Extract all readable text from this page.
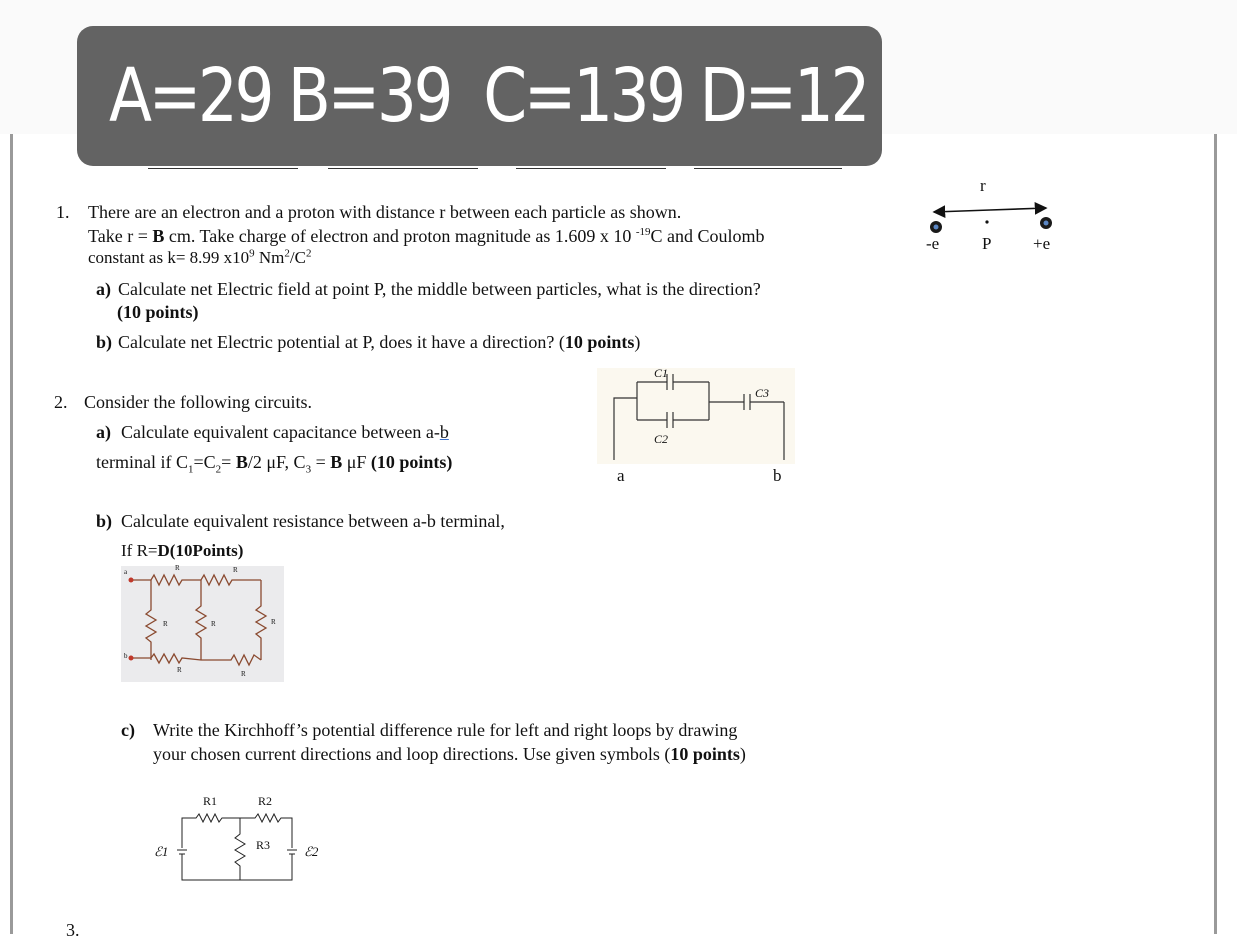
A=29 B=39  C=139 D=12
1. There are an electron and a proton with distance r between each particle as shown.
Take r = B cm. Take charge of electron and proton magnitude as 1.609 x 10 $^{-19}$C and Coulomb
constant as k= 8.99 $x10^9$ $Nm^2/C^2$
a) Calculate net Electric field at point P, the middle between particles, what is the direction?
(10 points)
b) Calculate net Electric potential at P, does it have a direction? (10 points)
r
-e	P +e
2. Consider the following circuits.
a) Calculate equivalent capacitance between a-b
terminal if $C_1=C_2= B/2$ μF, $C_3 = B$ μF (10 points)
C1
C2
C3
a	b
b) Calculate equivalent resistance between a-b terminal,
If R=D(10Points)
R	R
R	R	R
R	R
a
b
c) Write the Kirchhoff’s potential difference rule for left and right loops by drawing
your chosen current directions and loop directions. Use given symbols (10 points)
R1	R2
R3
ℰ1	ℰ2
3.
